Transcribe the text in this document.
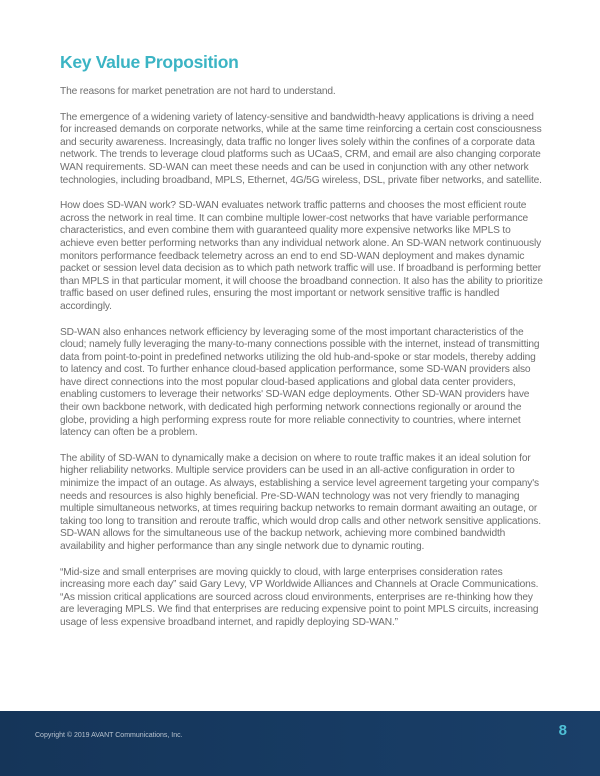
Key Value Proposition

The reasons for market penetration are not hard to understand.

The emergence of a widening variety of latency-sensitive and bandwidth-heavy applications is driving a need for increased demands on corporate networks, while at the same time reinforcing a certain cost consciousness and security awareness. Increasingly, data traffic no longer lives solely within the confines of a corporate data network. The trends to leverage cloud platforms such as UCaaS, CRM, and email are also changing corporate WAN requirements. SD-WAN can meet these needs and can be used in conjunction with any other network technologies, including broadband, MPLS, Ethernet, 4G/5G wireless, DSL, private fiber networks, and satellite.

How does SD-WAN work? SD-WAN evaluates network traffic patterns and chooses the most efficient route across the network in real time. It can combine multiple lower-cost networks that have variable performance characteristics, and even combine them with guaranteed quality more expensive networks like MPLS to achieve even better performing networks than any individual network alone. An SD-WAN network continuously monitors performance feedback telemetry across an end to end SD-WAN deployment and makes dynamic packet or session level data decision as to which path network traffic will use. If broadband is performing better than MPLS in that particular moment, it will choose the broadband connection. It also has the ability to prioritize traffic based on user defined rules, ensuring the most important or network sensitive traffic is handled accordingly.

SD-WAN also enhances network efficiency by leveraging some of the most important characteristics of the cloud; namely fully leveraging the many-to-many connections possible with the internet, instead of transmitting data from point-to-point in predefined networks utilizing the old hub-and-spoke or star models, thereby adding to latency and cost. To further enhance cloud-based application performance, some SD-WAN providers also have direct connections into the most popular cloud-based applications and global data center providers, enabling customers to leverage their networks' SD-WAN edge deployments. Other SD-WAN providers have their own backbone network, with dedicated high performing network connections regionally or around the globe, providing a high performing express route for more reliable connectivity to countries, where internet latency can often be a problem.

The ability of SD-WAN to dynamically make a decision on where to route traffic makes it an ideal solution for higher reliability networks. Multiple service providers can be used in an all-active configuration in order to minimize the impact of an outage. As always, establishing a service level agreement targeting your company's needs and resources is also highly beneficial. Pre-SD-WAN technology was not very friendly to managing multiple simultaneous networks, at times requiring backup networks to remain dormant awaiting an outage, or taking too long to transition and reroute traffic, which would drop calls and other network sensitive applications. SD-WAN allows for the simultaneous use of the backup network, achieving more combined bandwidth availability and higher performance than any single network due to dynamic routing.

“Mid-size and small enterprises are moving quickly to cloud, with large enterprises consideration rates increasing more each day” said Gary Levy, VP Worldwide Alliances and Channels at Oracle Communications. “As mission critical applications are sourced across cloud environments, enterprises are re-thinking how they are leveraging MPLS. We find that enterprises are reducing expensive point to point MPLS circuits, increasing usage of less expensive broadband internet, and rapidly deploying SD-WAN.”

Copyright © 2019 AVANT Communications, Inc.	8
